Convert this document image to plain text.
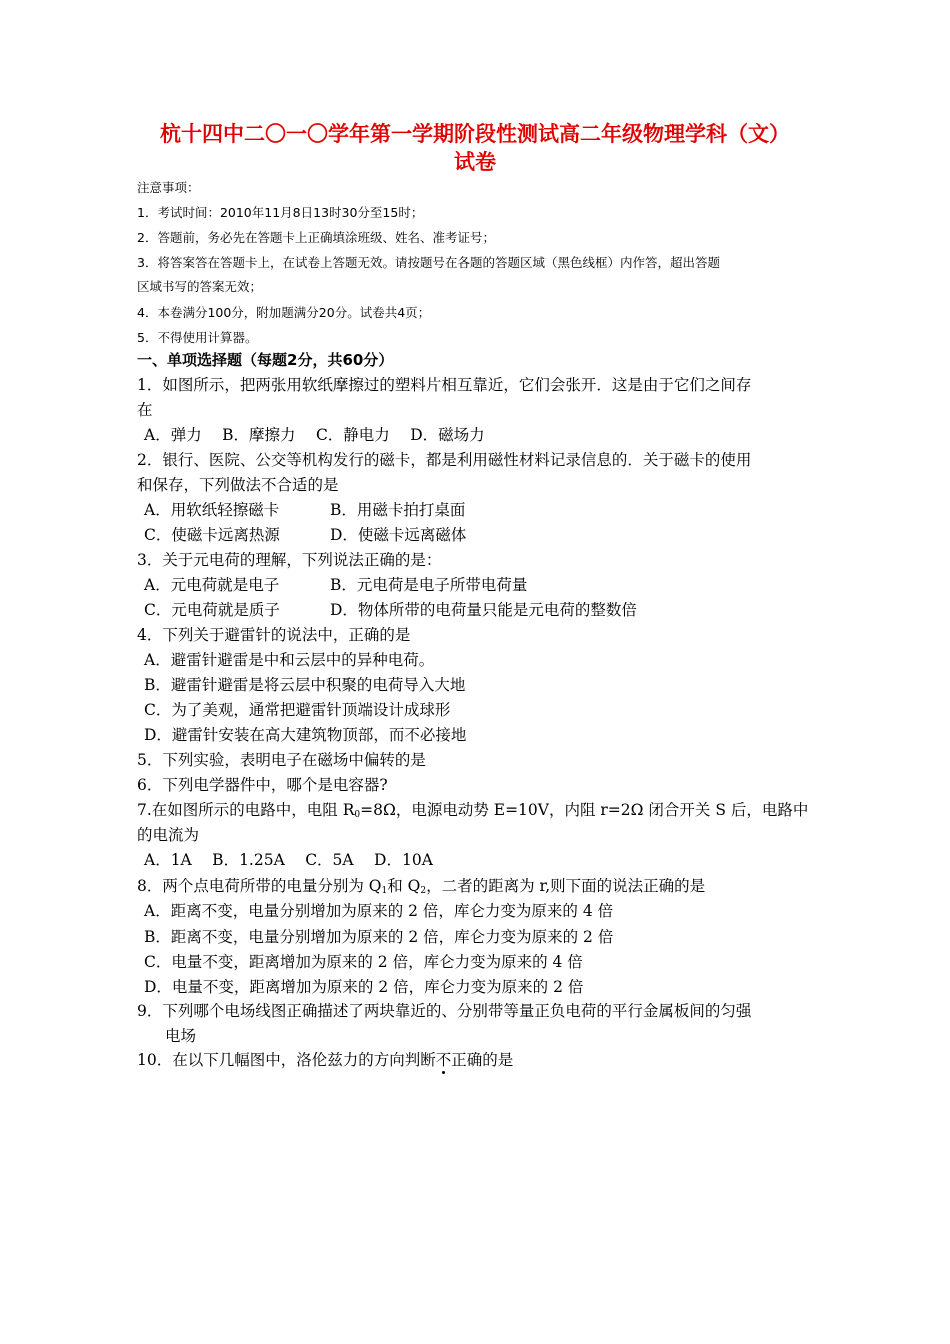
杭十四中二〇一〇学年第一学期阶段性测试高二年级物理学科（文）
试卷
注意事项：
1．考试时间：2010年11月8日13时30分至15时；
2．答题前，务必先在答题卡上正确填涂班级、姓名、准考证号；
3．将答案答在答题卡上，在试卷上答题无效。请按题号在各题的答题区域（黑色线框）内作答，超出答题
区域书写的答案无效；
4．本卷满分100分，附加题满分20分。试卷共4页；
5．不得使用计算器。
一、单项选择题（每题2分，共60分）
1．如图所示，把两张用软纸摩擦过的塑料片相互靠近，它们会张开．这是由于它们之间存
在
A．弹力　 B．摩擦力　 C．静电力　 D．磁场力
2．银行、医院、公交等机构发行的磁卡，都是利用磁性材料记录信息的．关于磁卡的使用
和保存，下列做法不合适的是
A．用软纸轻擦磁卡	B．用磁卡拍打桌面
C．使磁卡远离热源	D．使磁卡远离磁体
3．关于元电荷的理解，下列说法正确的是：
A．元电荷就是电子	B．元电荷是电子所带电荷量
C．元电荷就是质子	D．物体所带的电荷量只能是元电荷的整数倍
4．下列关于避雷针的说法中，正确的是
A．避雷针避雷是中和云层中的异种电荷。
B．避雷针避雷是将云层中积聚的电荷导入大地
C．为了美观，通常把避雷针顶端设计成球形
D．避雷针安装在高大建筑物顶部，而不必接地
5．下列实验，表明电子在磁场中偏转的是
6．下列电学器件中，哪个是电容器?
7.在如图所示的电路中，电阻 $R_0=8\Omega$，电源电动势 E=10V，内阻 r=2Ω 闭合开关 S 后，电路中
的电流为
A．1A　 B．1.25A　 C．5A　 D．10A
8．两个点电荷所带的电量分别为 $Q_1$和 $Q_2$，二者的距离为 r,则下面的说法正确的是
A．距离不变，电量分别增加为原来的 2 倍，库仑力变为原来的 4 倍
B．距离不变，电量分别增加为原来的 2 倍，库仑力变为原来的 2 倍
C．电量不变，距离增加为原来的 2 倍，库仑力变为原来的 4 倍
D．电量不变，距离增加为原来的 2 倍，库仑力变为原来的 2 倍
9．下列哪个电场线图正确描述了两块靠近的、分别带等量正负电荷的平行金属板间的匀强
电场
10．在以下几幅图中，洛伦兹力的方向判断不正确的是
